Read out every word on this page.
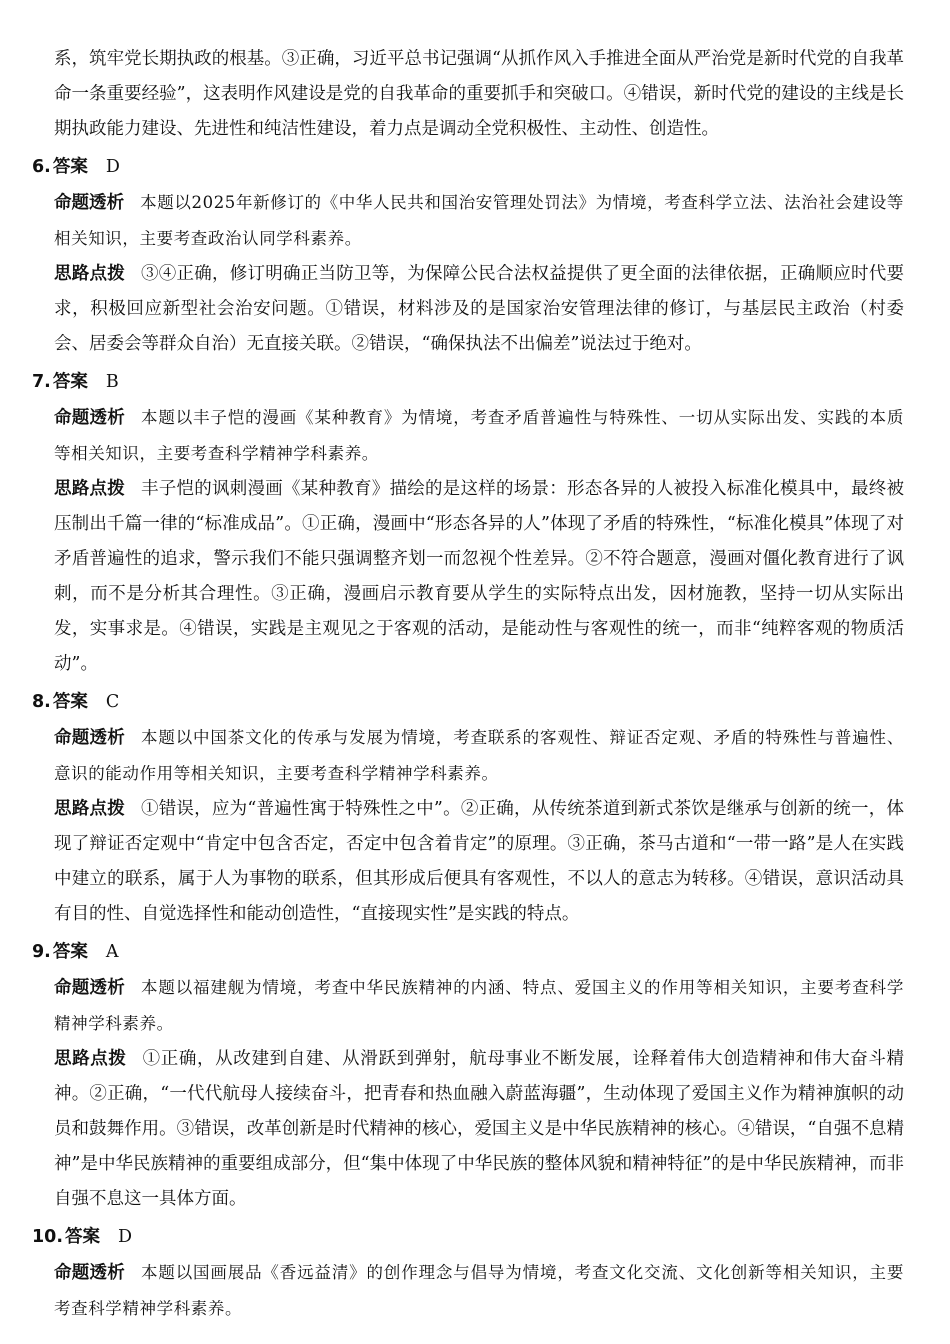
系，筑牢党长期执政的根基。③正确，习近平总书记强调“从抓作风入手推进全面从严治党是新时代党的自我革命一条重要经验”，这表明作风建设是党的自我革命的重要抓手和突破口。④错误，新时代党的建设的主线是长期执政能力建设、先进性和纯洁性建设，着力点是调动全党积极性、主动性、创造性。

6. 答案 D

命题透析 本题以2025年新修订的《中华人民共和国治安管理处罚法》为情境，考查科学立法、法治社会建设等相关知识，主要考查政治认同学科素养。

思路点拨 ③④正确，修订明确正当防卫等，为保障公民合法权益提供了更全面的法律依据，正确顺应时代要求，积极回应新型社会治安问题。①错误，材料涉及的是国家治安管理法律的修订，与基层民主政治（村委会、居委会等群众自治）无直接关联。②错误，“确保执法不出偏差”说法过于绝对。

7. 答案 B

命题透析 本题以丰子恺的漫画《某种教育》为情境，考查矛盾普遍性与特殊性、一切从实际出发、实践的本质等相关知识，主要考查科学精神学科素养。

思路点拨 丰子恺的讽刺漫画《某种教育》描绘的是这样的场景：形态各异的人被投入标准化模具中，最终被压制出千篇一律的“标准成品”。①正确，漫画中“形态各异的人”体现了矛盾的特殊性，“标准化模具”体现了对矛盾普遍性的追求，警示我们不能只强调整齐划一而忽视个性差异。②不符合题意，漫画对僵化教育进行了讽刺，而不是分析其合理性。③正确，漫画启示教育要从学生的实际特点出发，因材施教，坚持一切从实际出发，实事求是。④错误，实践是主观见之于客观的活动，是能动性与客观性的统一，而非“纯粹客观的物质活动”。

8. 答案 C

命题透析 本题以中国茶文化的传承与发展为情境，考查联系的客观性、辩证否定观、矛盾的特殊性与普遍性、意识的能动作用等相关知识，主要考查科学精神学科素养。

思路点拨 ①错误，应为“普遍性寓于特殊性之中”。②正确，从传统茶道到新式茶饮是继承与创新的统一，体现了辩证否定观中“肯定中包含否定，否定中包含着肯定”的原理。③正确，茶马古道和“一带一路”是人在实践中建立的联系，属于人为事物的联系，但其形成后便具有客观性，不以人的意志为转移。④错误，意识活动具有目的性、自觉选择性和能动创造性，“直接现实性”是实践的特点。

9. 答案 A

命题透析 本题以福建舰为情境，考查中华民族精神的内涵、特点、爱国主义的作用等相关知识，主要考查科学精神学科素养。

思路点拨 ①正确，从改建到自建、从滑跃到弹射，航母事业不断发展，诠释着伟大创造精神和伟大奋斗精神。②正确，“一代代航母人接续奋斗，把青春和热血融入蔚蓝海疆”，生动体现了爱国主义作为精神旗帜的动员和鼓舞作用。③错误，改革创新是时代精神的核心，爱国主义是中华民族精神的核心。④错误，“自强不息精神”是中华民族精神的重要组成部分，但“集中体现了中华民族的整体风貌和精神特征”的是中华民族精神，而非自强不息这一具体方面。

10. 答案 D

命题透析 本题以国画展品《香远益清》的创作理念与倡导为情境，考查文化交流、文化创新等相关知识，主要考查科学精神学科素养。
